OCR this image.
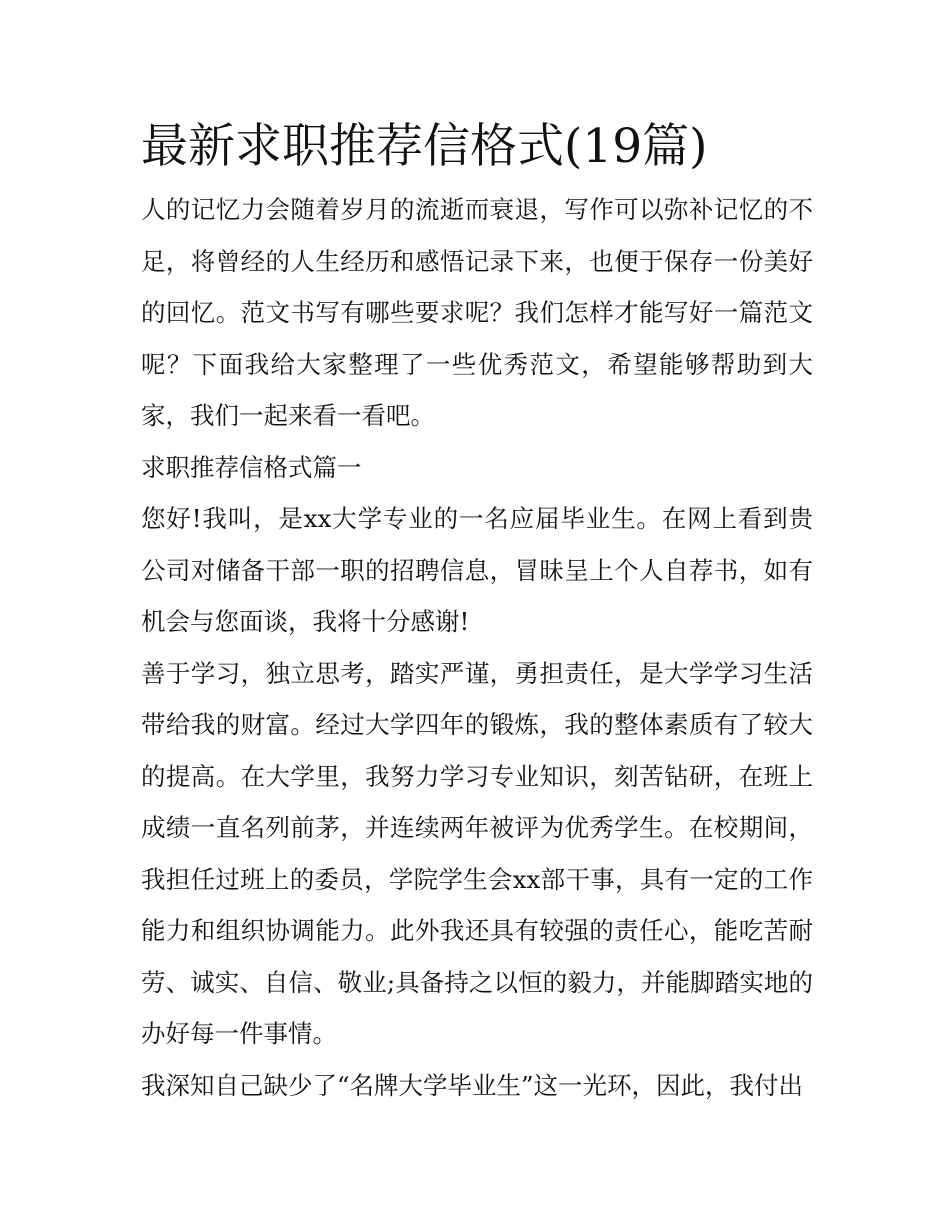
最新求职推荐信格式(19篇)

人的记忆力会随着岁月的流逝而衰退，写作可以弥补记忆的不足，将曾经的人生经历和感悟记录下来，也便于保存一份美好的回忆。范文书写有哪些要求呢？我们怎样才能写好一篇范文呢？下面我给大家整理了一些优秀范文，希望能够帮助到大家，我们一起来看一看吧。

求职推荐信格式篇一

您好!我叫，是xx大学专业的一名应届毕业生。在网上看到贵公司对储备干部一职的招聘信息，冒昧呈上个人自荐书，如有机会与您面谈，我将十分感谢!

善于学习，独立思考，踏实严谨，勇担责任，是大学学习生活带给我的财富。经过大学四年的锻炼，我的整体素质有了较大的提高。在大学里，我努力学习专业知识，刻苦钻研，在班上成绩一直名列前茅，并连续两年被评为优秀学生。在校期间，我担任过班上的委员，学院学生会xx部干事，具有一定的工作能力和组织协调能力。此外我还具有较强的责任心，能吃苦耐劳、诚实、自信、敬业;具备持之以恒的毅力，并能脚踏实地的办好每一件事情。

我深知自己缺少了“名牌大学毕业生”这一光环，因此，我付出
